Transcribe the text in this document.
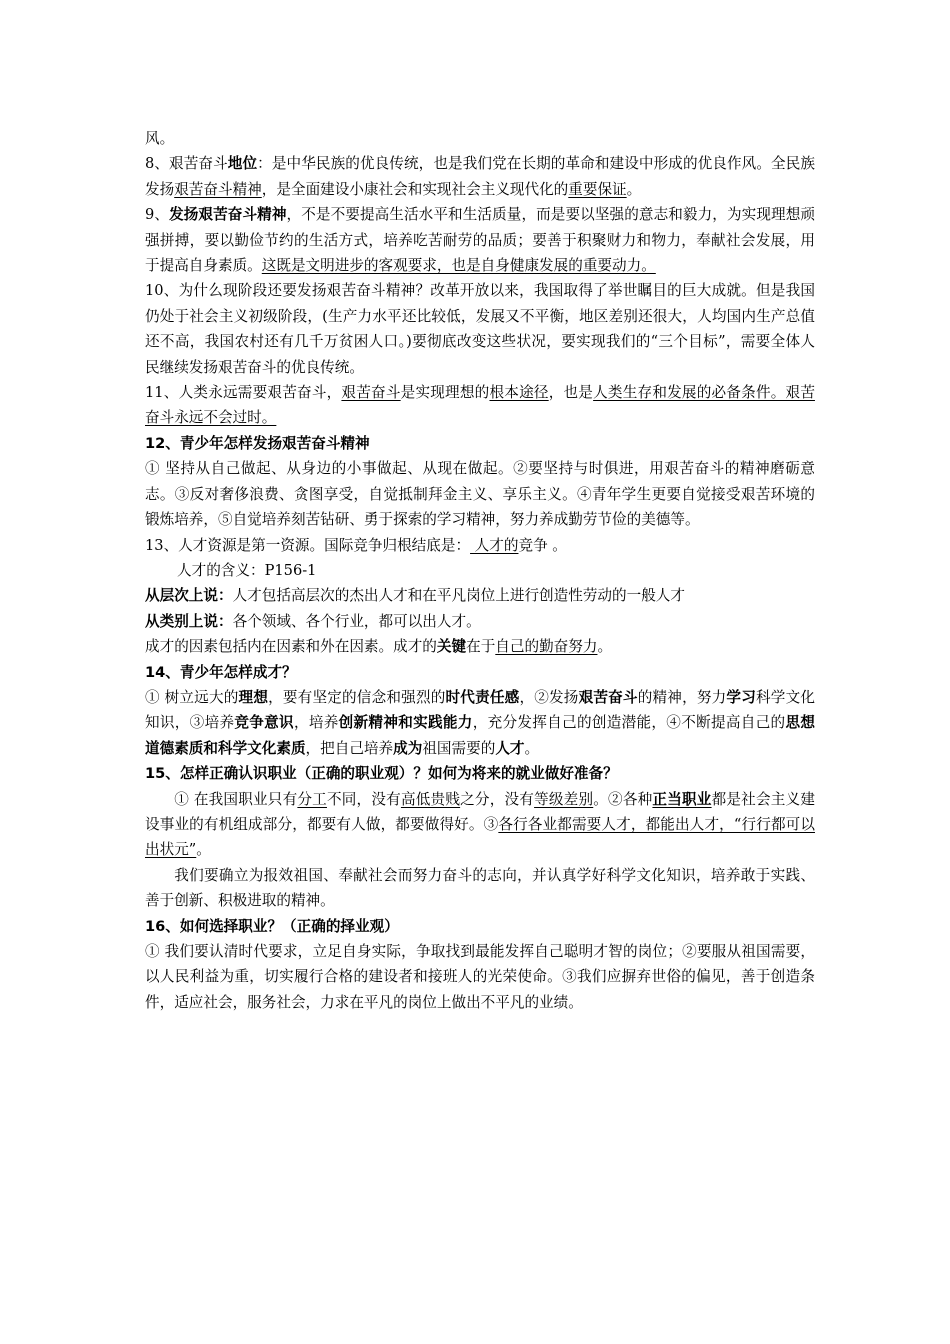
风。

8、艰苦奋斗地位：是中华民族的优良传统，也是我们党在长期的革命和建设中形成的优良作风。全民族发扬艰苦奋斗精神，是全面建设小康社会和实现社会主义现代化的重要保证。

9、发扬艰苦奋斗精神，不是不要提高生活水平和生活质量，而是要以坚强的意志和毅力，为实现理想顽强拼搏，要以勤俭节约的生活方式，培养吃苦耐劳的品质；要善于积聚财力和物力，奉献社会发展，用于提高自身素质。这既是文明进步的客观要求，也是自身健康发展的重要动力。

10、为什么现阶段还要发扬艰苦奋斗精神？改革开放以来，我国取得了举世瞩目的巨大成就。但是我国仍处于社会主义初级阶段，(生产力水平还比较低，发展又不平衡，地区差别还很大，人均国内生产总值还不高，我国农村还有几千万贫困人口。)要彻底改变这些状况，要实现我们的“三个目标”，需要全体人民继续发扬艰苦奋斗的优良传统。

11、人类永远需要艰苦奋斗，艰苦奋斗是实现理想的根本途径，也是人类生存和发展的必备条件。艰苦奋斗永远不会过时。

12、青少年怎样发扬艰苦奋斗精神

① 坚持从自己做起、从身边的小事做起、从现在做起。②要坚持与时俱进，用艰苦奋斗的精神磨砺意志。③反对奢侈浪费、贪图享受，自觉抵制拜金主义、享乐主义。④青年学生更要自觉接受艰苦环境的锻炼培养，⑤自觉培养刻苦钻研、勇于探索的学习精神，努力养成勤劳节俭的美德等。

13、人才资源是第一资源。国际竞争归根结底是： 人才的竞争 。

人才的含义：P156-1

从层次上说：人才包括高层次的杰出人才和在平凡岗位上进行创造性劳动的一般人才

从类别上说：各个领域、各个行业，都可以出人才。

成才的因素包括内在因素和外在因素。成才的关键在于自己的勤奋努力。

14、青少年怎样成才？

① 树立远大的理想，要有坚定的信念和强烈的时代责任感，②发扬艰苦奋斗的精神，努力学习科学文化知识，③培养竞争意识，培养创新精神和实践能力，充分发挥自己的创造潜能，④不断提高自己的思想道德素质和科学文化素质，把自己培养成为祖国需要的人才。

15、怎样正确认识职业（正确的职业观）？如何为将来的就业做好准备？

① 在我国职业只有分工不同，没有高低贵贱之分，没有等级差别。②各种正当职业都是社会主义建设事业的有机组成部分，都要有人做，都要做得好。③各行各业都需要人才，都能出人才，“行行都可以出状元”。

我们要确立为报效祖国、奉献社会而努力奋斗的志向，并认真学好科学文化知识，培养敢于实践、善于创新、积极进取的精神。

16、如何选择职业？（正确的择业观）

① 我们要认清时代要求，立足自身实际，争取找到最能发挥自己聪明才智的岗位；②要服从祖国需要，以人民利益为重，切实履行合格的建设者和接班人的光荣使命。③我们应摒弃世俗的偏见，善于创造条件，适应社会，服务社会，力求在平凡的岗位上做出不平凡的业绩。
